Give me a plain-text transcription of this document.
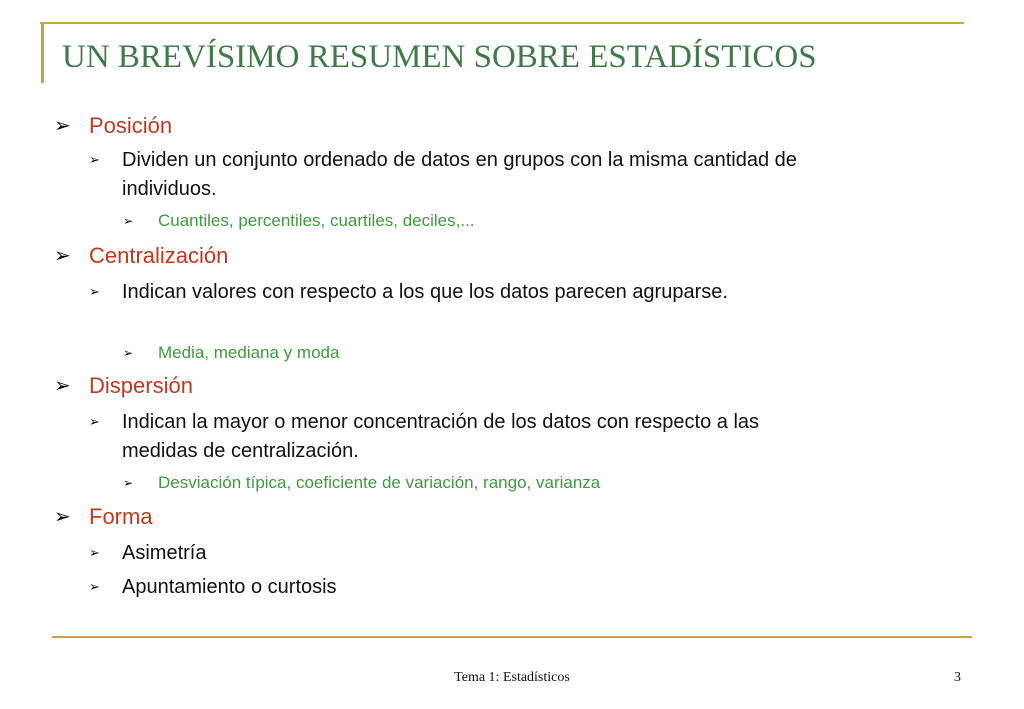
UN BREVÍSIMO RESUMEN SOBRE ESTADÍSTICOS
➢ Posición
➢ Dividen un conjunto ordenado de datos en grupos con la misma cantidad de individuos.
➢ Cuantiles, percentiles, cuartiles, deciles,...
➢ Centralización
➢ Indican valores con respecto a los que los datos parecen agruparse.
➢ Media, mediana y moda
➢ Dispersión
➢ Indican la mayor o menor concentración de los datos con respecto a las medidas de centralización.
➢ Desviación típica, coeficiente de variación, rango, varianza
➢ Forma
➢ Asimetría
➢ Apuntamiento o curtosis
Tema 1: Estadísticos	3
